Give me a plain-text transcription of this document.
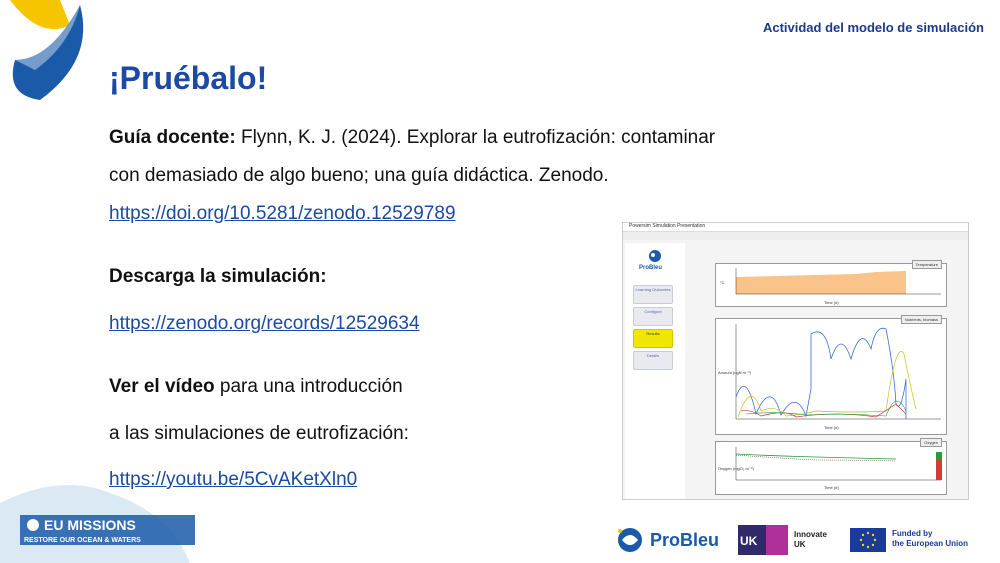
Actividad del modelo de simulación
¡Pruébalo!
Guía docente: Flynn, K. J. (2024). Explorar la eutrofización: contaminar
con demasiado de algo bueno; una guía didáctica. Zenodo.
https://doi.org/10.5281/zenodo.12529789
Descarga la simulación:
https://zenodo.org/records/12529634
Ver el vídeo para una introducción
a las simulaciones de eutrofización:
https://youtu.be/5CvAKetXln0
Powersim Simulation Presentation
ProBleu
Learning Outcomes
Configure
Results
Details
Temperature
°C
Time (d)
Nutrients, biomass
Amount (ugN m⁻³)
Time (d)
Oxygen
Oxygen (mgO₂ m⁻³)
Time (d)
EU MISSIONS
RESTORE OUR OCEAN & WATERS	ProBleu UK	Innovate
UK
Funded by
the European Union
